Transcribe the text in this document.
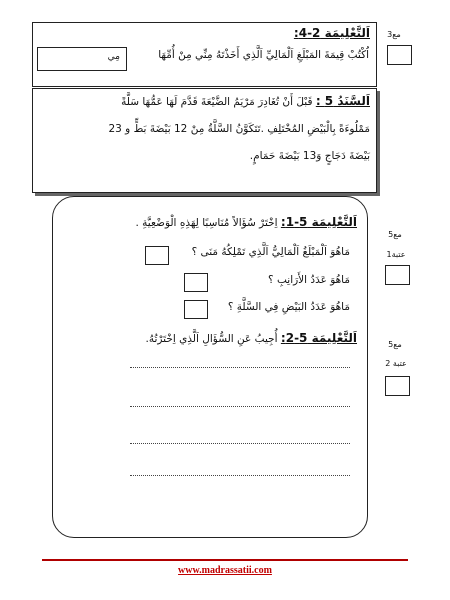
اَلتَّعْلِيمَة 2-4:
اُكْتُبْ قِيمَةَ المَبْلَغِ اَلْمَالِيِّ اَلَّذِي أَخَذْتَهُ مِنِّي مِنْ أُمِّهَا
مِي
مع3
اَلسَّنَدُ 5 : قَبْلَ أَنْ تُغَادِرَ مَرْيَمُ الضَّيْعَةَ قَدَّمَ لَهَا عَمُّهَا سَلَّةً
مَمْلُوءَةً بِالْبَيْضِ المُخْتَلِفِ .تَتَكَوَّنُ السَّلَّةُ مِنْ 12 بَيْضَةَ بَطٍّ و 23
بَيْضَةَ دَجَاجٍ وَ13 بَيْضَةَ حَمَامٍ.
اَلتَّعْلِيمَة 5-1: اِخْتَرْ سُؤَالاً مُنَاسِبًا لِهَذِهِ الْوَضْعِيَّةِ .
مَاهُوَ اَلْمَبْلَغُ اَلْمَالِيُّ اَلَّذِي تَمْلِكُهُ مَنَى ؟
مَاهُوَ عَدَدُ الأَرَانِبِ ؟
مَاهُوَ عَدَدُ البَيْضِ فِي السَّلَّةِ ؟
اَلتَّعْلِيمَة 5-2: أُجِيبُ عَنِ السُّؤَالِ اَلَّذِي اِخْتَرْتُهُ.
5مع
عتبة1
5مع
عتبة 2
www.madrassatii.com
